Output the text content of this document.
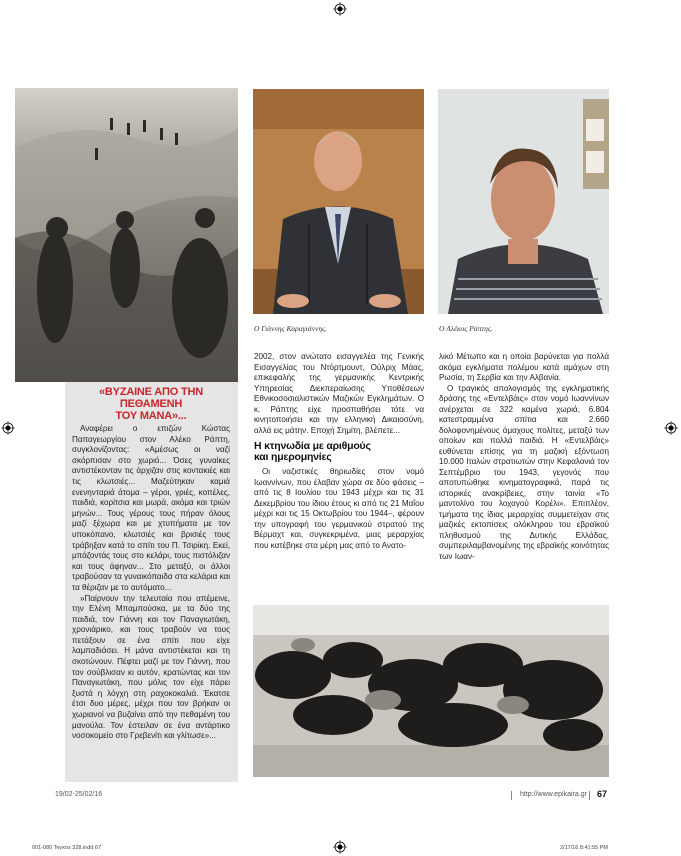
Ο Γιάννης Καραγιάννης.	Ο Αλέκος Ράπτης.
«ΒΥΖΑΙΝΕ ΑΠΟ ΤΗΝ ΠΕΘΑΜΕΝΗ
ΤΟΥ ΜΑΝΑ»...

Αναφέρει ο επιζών Κώστας Παπαγεωργίου στον Αλέκο Ράπτη, συγκλονίζοντας: «Αμέσως οι ναζί σκόρπισαν στο χωριό... Όσες γυναίκες αντιστέκονταν τις άρχιζαν στις κοντακιές και τις κλωτσιές... Μαζεύτηκαν καμιά ενενηνταριά άτομα – γέροι, γριές, κοπέλες, παιδιά, κορίτσια και μωρά, ακόμα και τριών μηνών... Τους γέρους τους πήραν όλους μαζί ξέχωρα και με χτυπήματα με τον υποκόπανο, κλωτσιές και βρισιές τους τράβηξαν κατά το σπίτι του Π. Τσιρίκη. Εκεί, μπάζοντάς τους στο κελάρι, τους πιστόλιζαν και τους άφηναν... Στο μεταξύ, οι άλλοι τραβούσαν τα γυναικόπαιδα στα κελάρια και τα θέριζαν με το αυτόματο...

»Παίρνουν την τελευταία που απέμεινε, την Ελένη Μπαμπούσκα, με τα δύο της παιδιά, τον Γιάννη και τον Παναγιωτάκη, χρονιάρικο, και τους τραβούν να τους πετάξουν σε ένα σπίτι που είχε λαμπαδιάσει. Η μάνα αντιστέκεται και τη σκοτώνουν. Πέφτει μαζί με τον Γιάννη, που τον σούβλισαν κι αυτόν, κρατώντας και τον Παναγιωτάκη, που μόλις τον είχε πάρει ξυστά η λόγχη στη ραχοκοκαλιά. Έκατσε έτσι δυο μέρες, μέχρι που τον βρήκαν οι χωριανοί να βυζαίνει από την πεθαμένη του μανούλα. Τον έστειλαν σε ένα αντάρτικο νοσοκομείο στο Γρεβενίτι και γλίτωσε»...

2002, στον ανώτατο εισαγγελέα της Γενικής Εισαγγελίας του Ντόρτμουντ, Ούλριχ Μάας, επικεφαλής της γερμανικής Κεντρικής Υπηρεσίας Διεκπεραίωσης Υποθέσεων Εθνικοσοσιαλιστικών Μαζικών Εγκλημάτων. Ο κ. Ράπτης είχε προσπαθήσει τότε να κινητοποιήσει και την ελληνική Δικαιοσύνη, αλλά εις μάτην. Εποχή Σημίτη, βλέπετε...

Η κτηνωδία με αριθμούς
και ημερομηνίες

Οι ναζιστικές θηριωδίες στον νομό Ιωαννίνων, που έλαβαν χώρα σε δύο φάσεις –από τις 8 Ιουλίου του 1943 μέχρι και τις 31 Δεκεμβρίου του ίδιου έτους κι από τις 21 Μαΐου μέχρι και τις 15 Οκτωβρίου του 1944–, φέρουν την υπογραφή του γερμανικού στρατού της Βέρμαχτ και, συγκεκριμένα, μιας μεραρχίας που κατέβηκε στα μέρη μας από το Ανατο-

λικό Μέτωπο και η οποία βαρύνεται για πολλά ακόμα εγκλήματα πολέμου κατά αμάχων στη Ρωσία, τη Σερβία και την Αλβανία.

Ο τραγικός απολογισμός της εγκληματικής δράσης της «Εντελβάις» στον νομό Ιωαννίνων ανέρχεται σε 322 καμένα χωριά, 6.804 κατεστραμμένα σπίτια και 2.660 δολοφονημένους άμαχους πολίτες, μεταξύ των οποίων και πολλά παιδιά. Η «Εντελβάις» ευθύνεται επίσης για τη μαζική εξόντωση 10.000 Ιταλών στρατιωτών στην Κεφαλονιά τον Σεπτέμβριο του 1943, γεγονός που αποτυπώθηκε κινηματογραφικά, παρά τις ιστορικές ανακρίβειες, στην ταινία «Το μαντολίνο του λοχαγού Κορέλι». Επιπλέον, τμήματα της ίδιας μεραρχίας συμμετείχαν στις μαζικές εκτοπίσεις ολόκληρου του εβραϊκού πληθυσμού της Δυτικής Ελλάδας, συμπεριλαμβανομένης της εβραϊκής κοινότητας των Ιωαν-

19/02-25/02/16	http://www.epikaira.gr 67
001-080 Teyxos 328.indd 67	2/17/16 8:41:55 PM
